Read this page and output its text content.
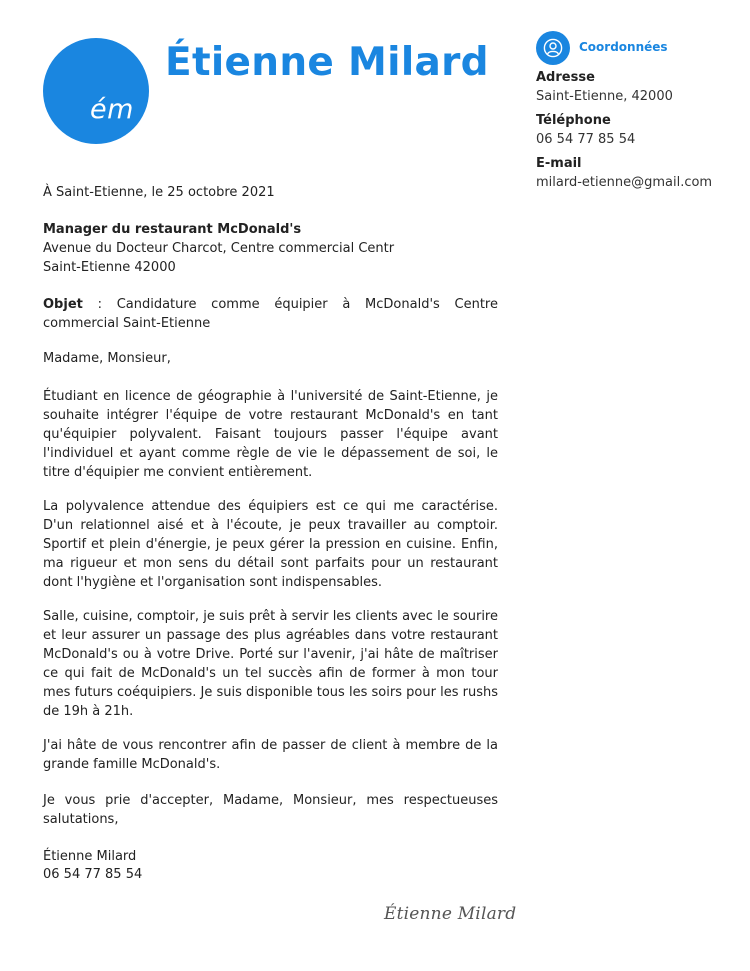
ém
Étienne Milard	Coordonnées
Adresse
Saint-Etienne, 42000
Téléphone
06 54 77 85 54
E-mail
milard-etienne@gmail.com
À Saint-Etienne, le 25 octobre 2021
Manager du restaurant McDonald's
Avenue du Docteur Charcot, Centre commercial Centr
Saint-Etienne 42000
Objet : Candidature comme équipier à McDonald's Centre commercial Saint-Etienne
Madame, Monsieur,
Étudiant en licence de géographie à l'université de Saint-Etienne, je souhaite intégrer l'équipe de votre restaurant McDonald's en tant qu'équipier polyvalent. Faisant toujours passer l'équipe avant l'individuel et ayant comme règle de vie le dépassement de soi, le titre d'équipier me convient entièrement.
La polyvalence attendue des équipiers est ce qui me caractérise. D'un relationnel aisé et à l'écoute, je peux travailler au comptoir. Sportif et plein d'énergie, je peux gérer la pression en cuisine. Enfin, ma rigueur et mon sens du détail sont parfaits pour un restaurant dont l'hygiène et l'organisation sont indispensables.
Salle, cuisine, comptoir, je suis prêt à servir les clients avec le sourire et leur assurer un passage des plus agréables dans votre restaurant McDonald's ou à votre Drive. Porté sur l'avenir, j'ai hâte de maîtriser ce qui fait de McDonald's un tel succès afin de former à mon tour mes futurs coéquipiers. Je suis disponible tous les soirs pour les rushs de 19h à 21h.
J'ai hâte de vous rencontrer afin de passer de client à membre de la grande famille McDonald's.
Je vous prie d'accepter, Madame, Monsieur, mes respectueuses salutations,
Étienne Milard
06 54 77 85 54
Étienne Milard
